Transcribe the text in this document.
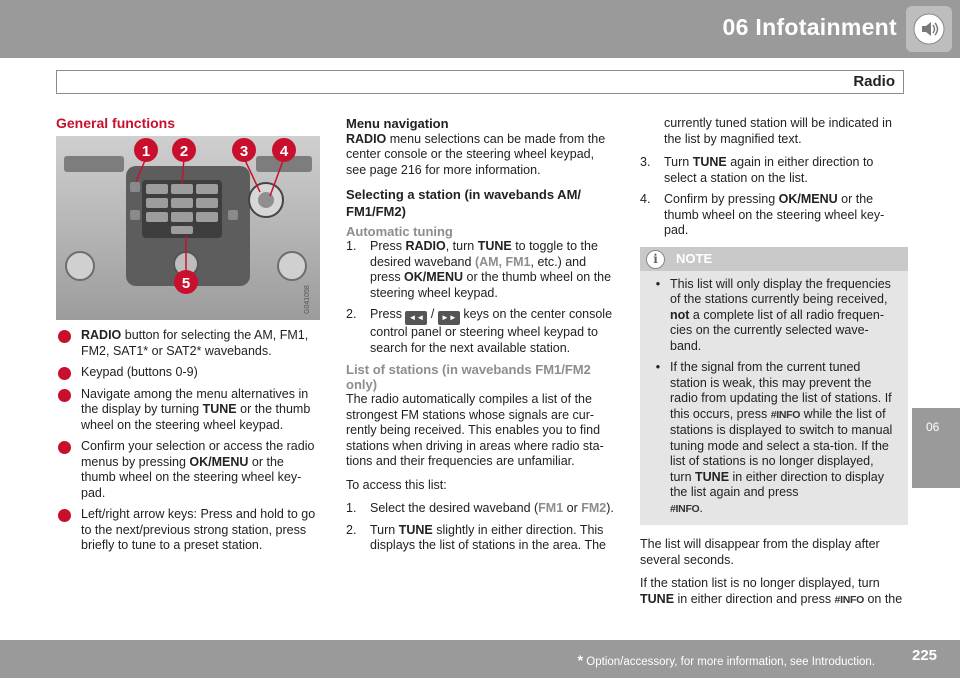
06 Infotainment
Radio
06
General functions
1 2	3 4
5
G041058
RADIO button for selecting the AM, FM1, FM2, SAT1* or SAT2* wavebands.
Keypad (buttons 0-9)
Navigate among the menu alternatives in the display by turning TUNE or the thumb wheel on the steering wheel keypad.
Confirm your selection or access the radio menus by pressing OK/MENU or the thumb wheel on the steering wheel key-pad.
Left/right arrow keys: Press and hold to go to the next/previous strong station, press briefly to tune to a preset station.
Menu navigation

RADIO menu selections can be made from the center console or the steering wheel keypad, see page 216 for more information.

Selecting a station (in wavebands AM/ FM1/FM2)
Automatic tuning
1.	Press RADIO, turn TUNE to toggle to the desired waveband (AM, FM1, etc.) and press OK/MENU or the thumb wheel on the steering wheel keypad.
2.	Press ◄◄ / ►► keys on the center console control panel or steering wheel keypad to search for the next available station.
List of stations (in wavebands FM1/FM2 only)

The radio automatically compiles a list of the strongest FM stations whose signals are cur-rently being received. This enables you to find stations when driving in areas where radio sta-tions and their frequencies are unfamiliar.

To access this list:

1.	Select the desired waveband (FM1 or FM2).
2.	Turn TUNE slightly in either direction. This displays the list of stations in the area. The

currently tuned station will be indicated in the list by magnified text.

3.	Turn TUNE again in either direction to select a station on the list.
4.	Confirm by pressing OK/MENU or the thumb wheel on the steering wheel key-pad.
i	NOTE
• This list will only display the frequencies of the stations currently being received, not a complete list of all radio frequen-cies on the currently selected wave-band.
• If the signal from the current tuned station is weak, this may prevent the radio from updating the list of stations. If this occurs, press #INFO while the list of stations is displayed to switch to manual tuning mode and select a sta-tion. If the list of stations is no longer displayed, turn TUNE in either direction to display the list again and press
#INFO.

The list will disappear from the display after several seconds.

If the station list is no longer displayed, turn TUNE in either direction and press #INFO on the

* Option/accessory, for more information, see Introduction. 225
